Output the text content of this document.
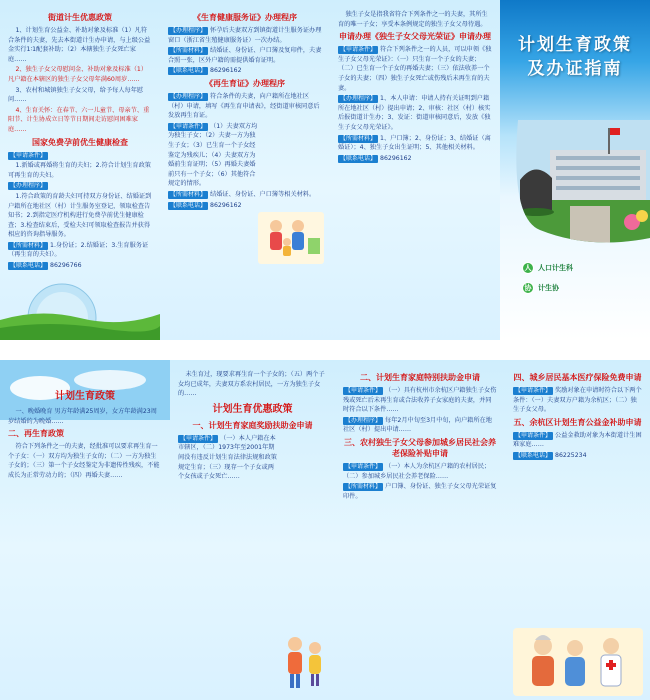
街道计生优惠政策
1、计划生育公益金、补助对象及标准（1）凡符合条件的夫妻，先去本街道计生办申请，与上级公益金实行1∶1配套补助；（2）本辖独生子女死亡家庭……
2、独生子女父母慰问金、补助对象及标准（1）凡户籍在本辖区的独生子女父母年满60周岁……
3、农村和城镇独生子女父母，给予每人每年慰问……
4、生育关怀：在春节、六一儿童节、母亲节、重阳节、计生协成立日等节日期间走访慰问困难家庭……
国家免费孕前优生健康检查
【申请条件】
1.新婚或再婚将生育的夫妇；2.符合计划生育政策可再生育的夫妇。
【办理程序】
1.符合政策的育龄夫妇可持双方身份证、结婚证到户籍所在地社区（村）计生服务室登记，领取检查告知书；2.到指定医疗机构进行免费孕前优生健康检查；3.检查结束后，受检夫妇可领取检查报告并获得相应的咨询指导服务。
【所需材料】 1.身份证；2.结婚证；3.生育服务证（再生育的夫妇）。
【联系电话】 86296766
《生育健康服务证》办理程序
【办理程序】 怀孕后夫妻双方到镇街道计生服务证办理窗口（浙江省生殖健康服务证）一次办结。
【所需材料】 结婚证、身份证、户口簿及复印件，夫妻合照一张，区外户籍的需提供婚育证明。
【联系电话】 86296162
《再生育证》办理程序
【办理程序】 符合条件的夫妻，向户籍所在地社区（村）申请，填写《再生育申请表》，经街道审核同意后发放再生育证。
【申请条件】 （1）夫妻双方均为独生子女；（2）夫妻一方为独生子女；（3）已生育一个子女经鉴定为残疾儿；（4）夫妻双方为婚前生育证明；（5）再婚夫妻婚前只有一个子女；（6）其他符合规定的情形。
【所需材料】 结婚证、身份证、户口簿等相关材料。
【联系电话】 86296162
独生子女是指我省符合下列条件之一的夫妻，其所生育的唯一子女；享受本条例规定的独生子女父母待遇。
申请办理《独生子女父母光荣证》申请办理
【申请条件】 符合下列条件之一的人员，可以申领《独生子女父母光荣证》：（一）只生育一个子女的夫妻；（二）已生育一个子女的再婚夫妻；（三）依法收养一个子女的夫妻；（四）独生子女死亡或伤残后未再生育的夫妻。
【办理程序】 1、本人申请：申请人持有关证明到户籍所在地社区（村）提出申请；2、审核：社区（村）核实后报街道计生办；3、发证：街道审核同意后，发放《独生子女父母光荣证》。
【所需材料】 1、户口簿；2、身份证；3、结婚证（离婚证）；4、独生子女出生证明；5、其他相关材料。
【联系电话】 86296162
计划生育政策
及办证指南
人 人口计生科
协 计生协
计划生育政策
一、晚婚晚育 男方年龄满25周岁，女方年龄满23周岁结婚的为晚婚……
二、再生育政策
符合下列条件之一的夫妻，经批准可以要求再生育一个子女：（一）双方均为独生子女的；（二）一方为独生子女的；（三）第一个子女经鉴定为非遗传性残疾，不能成长为正常劳动力的；（四）再婚夫妻……
未生育过，现要求再生育一个子女的；（五）两个子女均已成年，夫妻双方系农村居民，一方为独生子女的……
计划生育优惠政策
一、计划生育家庭奖励扶助金申请
【申请条件】 （一）本人户籍在本市辖区，（二）1973年至2001年期间没有违反计划生育法律法规和政策规定生育；（三）现存一个子女或两个女孩或子女死亡……
二、计划生育家庭特别扶助金申请
【申请条件】 （一）具有杭州市余杭区户籍独生子女伤残或死亡后未再生育或合法收养子女家庭的夫妻，并同时符合以下条件……
【办理程序】 每年2月中旬至3月中旬，向户籍所在地社区（村）提出申请……
三、农村独生子女父母参加城乡居民社会养老保险补贴申请
【申请条件】 （一）本人为余杭区户籍的农村居民；（二）参加城乡居民社会养老保险……
【所需材料】 户口簿、身份证、独生子女父母光荣证复印件。
四、城乡居民基本医疗保险免费申请
【申请条件】 奖励对象在申请时符合以下两个条件：（一）夫妻双方户籍为余杭区；（二）独生子女父母。
五、余杭区计划生育公益金补助申请
【申请条件】 公益金救助对象为本街道计生困难家庭……
【联系电话】 86225234
